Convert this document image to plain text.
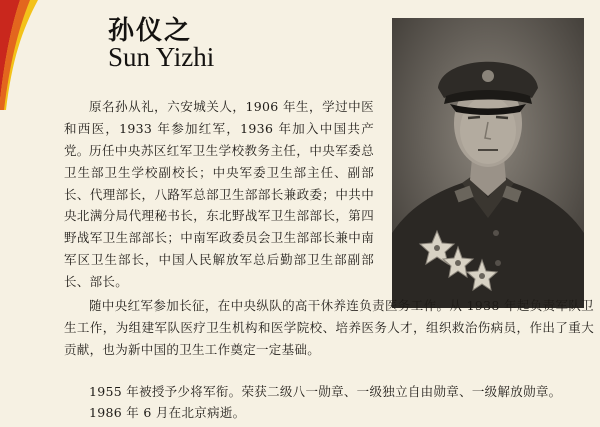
孙仪之
Sun Yizhi

原名孙从礼，六安城关人，1906 年生，学过中医和西医，1933 年参加红军，1936 年加入中国共产党。 历任中央苏区红军卫生学校教务主任，中央军委总卫生部卫生学校副校长；中央军委卫生部主任、副部长、代理部长，八路军总部卫生部部长兼政委；中共中央北满分局代理秘书长，东北野战军卫生部部长，第四野战军卫生部部长；中南军政委员会卫生部部长兼中南军区卫生部长，中国人民解放军总后勤部卫生部副部长、部长。

随中央红军参加长征，在中央纵队的高干休养连负责医务工作。从 1938 年起负责军队卫生工作，为组建军队医疗卫生机构和医学院校、培养医务人才，组织救治伤病员，作出了重大贡献，也为新中国的卫生工作奠定一定基础。

1955 年被授予少将军衔。荣获二级八一勋章、一级独立自由勋章、一级解放勋章。

1986 年 6 月在北京病逝。
